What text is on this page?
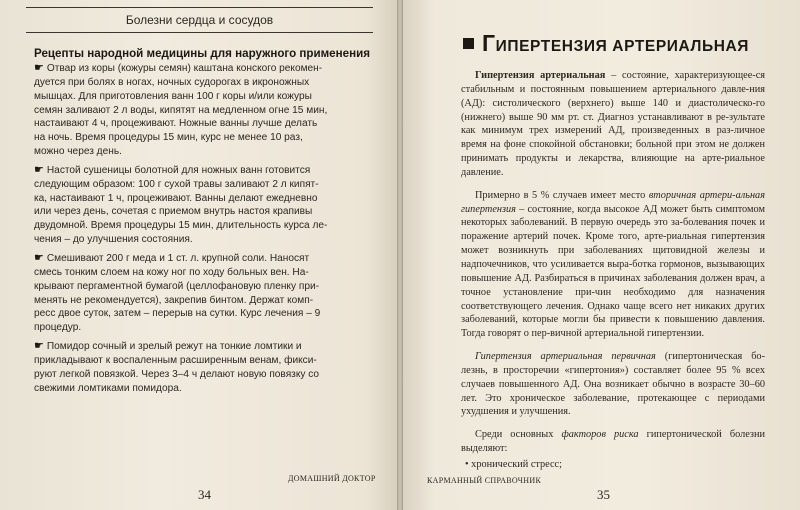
Болезни сердца и сосудов
Рецепты народной медицины для наружного применения
☛ Отвар из коры (кожуры семян) каштана конского рекомен-
дуется при болях в ногах, ночных судорогах в икроножных
мышцах. Для приготовления ванн 100 г коры и/или кожуры
семян заливают 2 л воды, кипятят на медленном огне 15 мин,
настаивают 4 ч, процеживают. Ножные ванны лучше делать
на ночь. Время процедуры 15 мин, курс не менее 10 раз,
можно через день.
☛ Настой сушеницы болотной для ножных ванн готовится
следующим образом: 100 г сухой травы заливают 2 л кипят-
ка, настаивают 1 ч, процеживают. Ванны делают ежедневно
или через день, сочетая с приемом внутрь настоя крапивы
двудомной. Время процедуры 15 мин, длительность курса ле-
чения – до улучшения состояния.
☛ Смешивают 200 г меда и 1 ст. л. крупной соли. Наносят
смесь тонким слоем на кожу ног по ходу больных вен. На-
крывают пергаментной бумагой (целлофановую пленку при-
менять не рекомендуется), закрепив бинтом. Держат комп-
ресс двое суток, затем – перерыв на сутки. Курс лечения – 9
процедур.
☛ Помидор сочный и зрелый режут на тонкие ломтики и
прикладывают к воспаленным расширенным венам, фикси-
руют легкой повязкой. Через 3–4 ч делают новую повязку со
свежими ломтиками помидора.
ДОМАШНИЙ ДОКТОР
34
ГИПЕРТЕНЗИЯ АРТЕРИАЛЬНАЯ

Гипертензия артериальная – состояние, характеризующее-ся стабильным и постоянным повышением артериального давле-ния (АД): систолического (верхнего) выше 140 и диастолическо-го (нижнего) выше 90 мм рт. ст. Диагноз устанавливают в ре-зультате как минимум трех измерений АД, произведенных в раз-личное время на фоне спокойной обстановки; больной при этом не должен принимать продукты и лекарства, влияющие на арте-риальное давление.

Примерно в 5 % случаев имеет место вторичная артери-альная гипертензия – состояние, когда высокое АД может быть симптомом некоторых заболеваний. В первую очередь это за-болевания почек и поражение артерий почек. Кроме того, арте-риальная гипертензия может возникнуть при заболеваниях щитовидной железы и надпочечников, что усиливается выра-ботка гормонов, вызывающих повышение АД. Разбираться в причинах заболевания должен врач, а точное установление при-чин необходимо для назначения соответствующего лечения. Однако чаще всего нет никаких других заболеваний, которые могли бы привести к повышению давления. Тогда говорят о пер-вичной артериальной гипертензии.

Гипертензия артериальная первичная (гипертоническая бо-лезнь, в просторечии «гипертония») составляет более 95 % всех случаев повышенного АД. Она возникает обычно в возрасте 30–60 лет. Это хроническое заболевание, протекающее с периодами ухудшения и улучшения.

Среди основных факторов риска гипертонической болезни выделяют:

• хронический стресс;

КАРМАННЫЙ СПРАВОЧНИК
35
